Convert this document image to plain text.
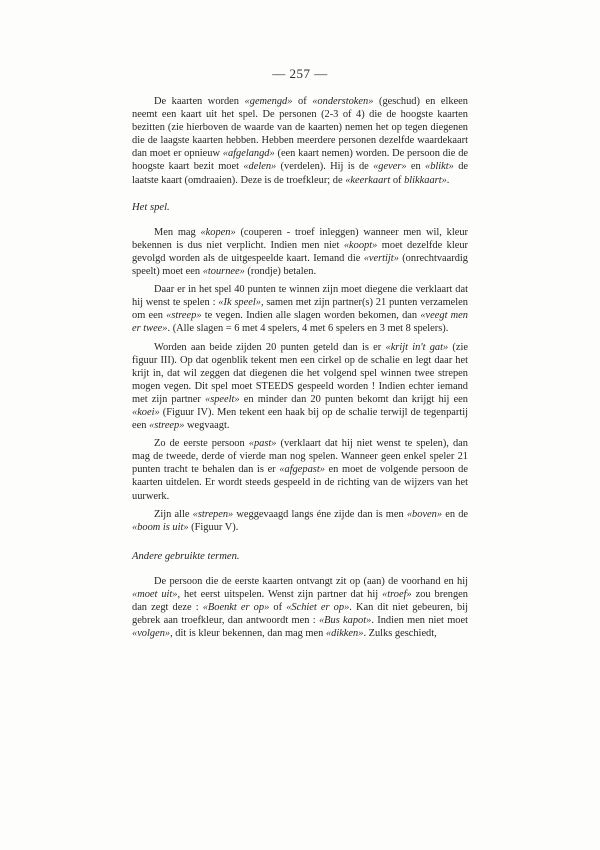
— 257 —

De kaarten worden «gemengd» of «onderstoken» (geschud) en elkeen neemt een kaart uit het spel. De personen (2-3 of 4) die de hoogste kaarten bezitten (zie hierboven de waarde van de kaarten) nemen het op tegen diegenen die de laagste kaarten hebben. Hebben meerdere personen dezelfde waardekaart dan moet er opnieuw «afgelangd» (een kaart nemen) worden. De persoon die de hoogste kaart bezit moet «delen» (verdelen). Hij is de «gever» en «blikt» de laatste kaart (omdraaien). Deze is de troefkleur; de «keerkaart of blikkaart».

Het spel.

Men mag «kopen» (couperen - troef inleggen) wanneer men wil, kleur bekennen is dus niet verplicht. Indien men niet «koopt» moet dezelfde kleur gevolgd worden als de uitgespeelde kaart. Iemand die «vertijt» (onrechtvaardig speelt) moet een «tournee» (rondje) betalen.

Daar er in het spel 40 punten te winnen zijn moet diegene die verklaart dat hij wenst te spelen : «Ik speel», samen met zijn partner(s) 21 punten verzamelen om een «streep» te vegen. Indien alle slagen worden bekomen, dan «veegt men er twee». (Alle slagen = 6 met 4 spelers, 4 met 6 spelers en 3 met 8 spelers).

Worden aan beide zijden 20 punten geteld dan is er «krijt in't gat» (zie figuur III). Op dat ogenblik tekent men een cirkel op de schalie en legt daar het krijt in, dat wil zeggen dat diegenen die het volgend spel winnen twee strepen mogen vegen. Dit spel moet STEEDS gespeeld worden ! Indien echter iemand met zijn partner «speelt» en minder dan 20 punten bekomt dan krijgt hij een «koei» (Figuur IV). Men tekent een haak bij op de schalie terwijl de tegenpartij een «streep» wegvaagt.

Zo de eerste persoon «past» (verklaart dat hij niet wenst te spelen), dan mag de tweede, derde of vierde man nog spelen. Wanneer geen enkel speler 21 punten tracht te behalen dan is er «afgepast» en moet de volgende persoon de kaarten uitdelen. Er wordt steeds gespeeld in de richting van de wijzers van het uurwerk.

Zijn alle «strepen» weggevaagd langs éne zijde dan is men «boven» en de «boom is uit» (Figuur V).

Andere gebruikte termen.

De persoon die de eerste kaarten ontvangt zit op (aan) de voorhand en hij «moet uit», het eerst uitspelen. Wenst zijn partner dat hij «troef» zou brengen dan zegt deze : «Boenkt er op» of «Schiet er op». Kan dit niet gebeuren, bij gebrek aan troefkleur, dan antwoordt men : «Bus kapot». Indien men niet moet «volgen», dit is kleur bekennen, dan mag men «dikken». Zulks geschiedt,
